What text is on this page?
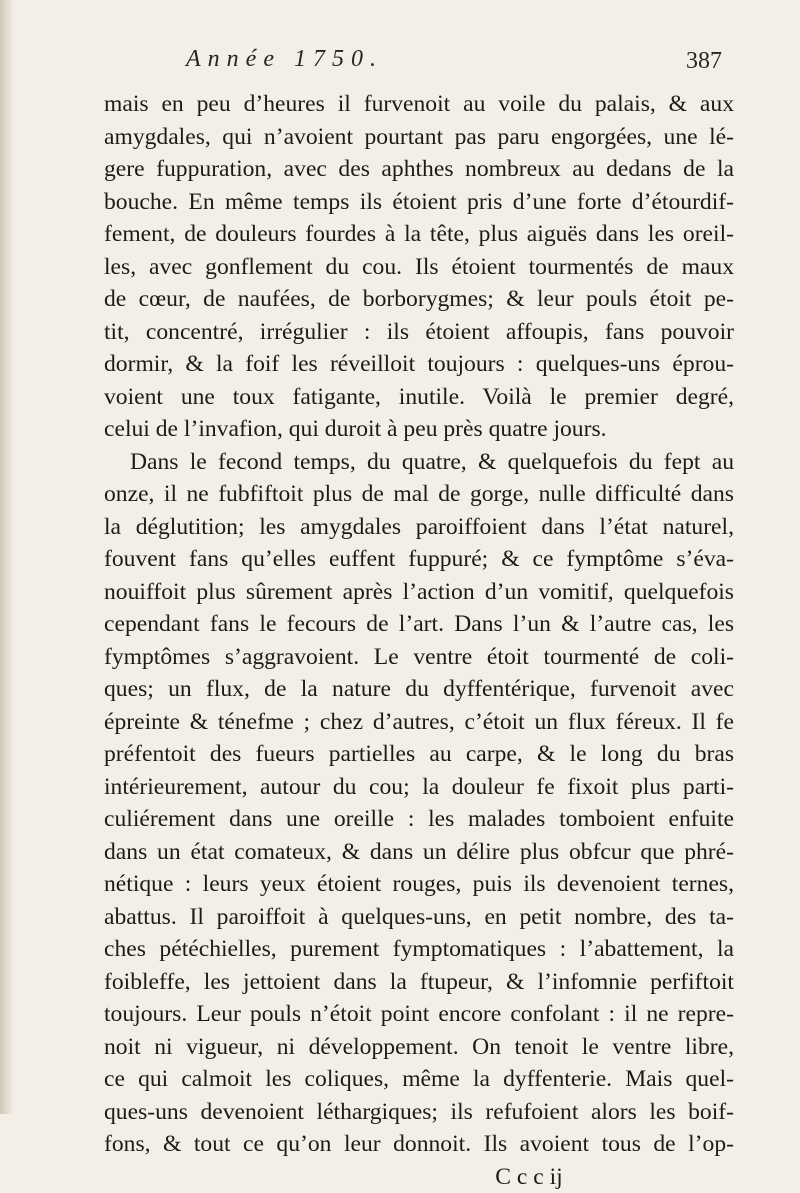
Année 1750.	387
mais en peu d’heures il furvenoit au voile du palais, & aux
amygdales, qui n’avoient pourtant pas paru engorgées, une lé-
gere fuppuration, avec des aphthes nombreux au dedans de la
bouche. En même temps ils étoient pris d’une forte d’étourdif-
fement, de douleurs fourdes à la tête, plus aiguës dans les oreil-
les, avec gonflement du cou. Ils étoient tourmentés de maux
de cœur, de naufées, de borborygmes; & leur pouls étoit pe-
tit, concentré, irrégulier : ils étoient affoupis, fans pouvoir
dormir, & la foif les réveilloit toujours : quelques-uns éprou-
voient une toux fatigante, inutile. Voilà le premier degré,
celui de l’invafion, qui duroit à peu près quatre jours.
Dans le fecond temps, du quatre, & quelquefois du fept au
onze, il ne fubfiftoit plus de mal de gorge, nulle difficulté dans
la déglutition; les amygdales paroiffoient dans l’état naturel,
fouvent fans qu’elles euffent fuppuré; & ce fymptôme s’éva-
nouiffoit plus sûrement après l’action d’un vomitif, quelquefois
cependant fans le fecours de l’art. Dans l’un & l’autre cas, les
fymptômes s’aggravoient. Le ventre étoit tourmenté de coli-
ques; un flux, de la nature du dyffentérique, furvenoit avec
épreinte & ténefme ; chez d’autres, c’étoit un flux féreux. Il fe
préfentoit des fueurs partielles au carpe, & le long du bras
intérieurement, autour du cou; la douleur fe fixoit plus parti-
culiérement dans une oreille : les malades tomboient enfuite
dans un état comateux, & dans un délire plus obfcur que phré-
nétique : leurs yeux étoient rouges, puis ils devenoient ternes,
abattus. Il paroiffoit à quelques-uns, en petit nombre, des ta-
ches pétéchielles, purement fymptomatiques : l’abattement, la
foibleffe, les jettoient dans la ftupeur, & l’infomnie perfiftoit
toujours. Leur pouls n’étoit point encore confolant : il ne repre-
noit ni vigueur, ni développement. On tenoit le ventre libre,
ce qui calmoit les coliques, même la dyffenterie. Mais quel-
ques-uns devenoient léthargiques; ils refufoient alors les boif-
fons, & tout ce qu’on leur donnoit. Ils avoient tous de l’op-
C c c ij
